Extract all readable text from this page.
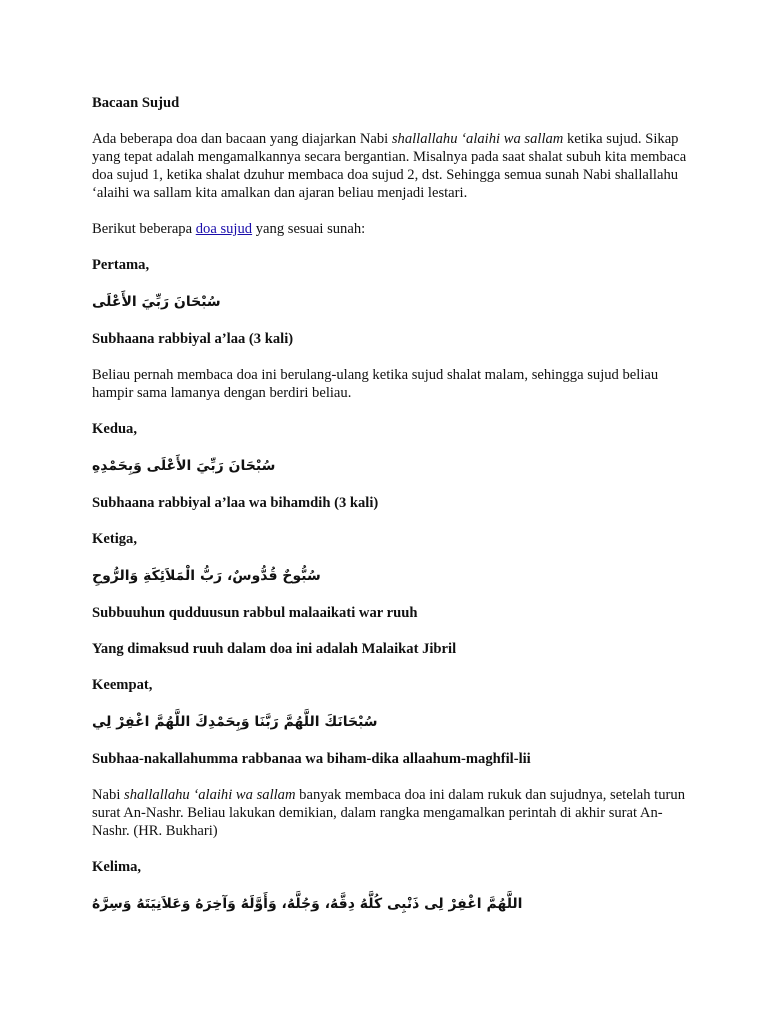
Bacaan Sujud

Ada beberapa doa dan bacaan yang diajarkan Nabi shallallahu ‘alaihi wa sallam ketika sujud. Sikap yang tepat adalah mengamalkannya secara bergantian. Misalnya pada saat shalat subuh kita membaca doa sujud 1, ketika shalat dzuhur membaca doa sujud 2, dst. Sehingga semua sunah Nabi shallallahu ‘alaihi wa sallam kita amalkan dan ajaran beliau menjadi lestari.

Berikut beberapa doa sujud yang sesuai sunah:

Pertama,

سُبْحَانَ رَبِّيَ الأَعْلَى

Subhaana rabbiyal a’laa (3 kali)

Beliau pernah membaca doa ini berulang-ulang ketika sujud shalat malam, sehingga sujud beliau hampir sama lamanya dengan berdiri beliau.

Kedua,

سُبْحَانَ رَبِّيَ الأَعْلَى وَبِحَمْدِهِ

Subhaana rabbiyal a’laa wa bihamdih (3 kali)

Ketiga,

سُبُّوحٌ قُدُّوسٌ، رَبُّ الْمَلاَئِكَةِ وَالرُّوحِ

Subbuuhun qudduusun rabbul malaaikati war ruuh

Yang dimaksud ruuh dalam doa ini adalah Malaikat Jibril

Keempat,

سُبْحَانَكَ اللَّهُمَّ رَبَّنَا وَبِحَمْدِكَ اللَّهُمَّ اغْفِرْ لِي

Subhaa-nakallahumma rabbanaa wa biham-dika allaahum-maghfil-lii

Nabi shallallahu ‘alaihi wa sallam banyak membaca doa ini dalam rukuk dan sujudnya, setelah turun surat An-Nashr. Beliau lakukan demikian, dalam rangka mengamalkan perintah di akhir surat An-Nashr. (HR. Bukhari)

Kelima,

اللَّهُمَّ اغْفِرْ لِى ذَنْبِى كُلَّهُ دِقَّهُ، وَجُلَّهُ، وَأَوَّلَهُ وَآخِرَهُ وَعَلاَنِيَتَهُ وَسِرَّهُ
